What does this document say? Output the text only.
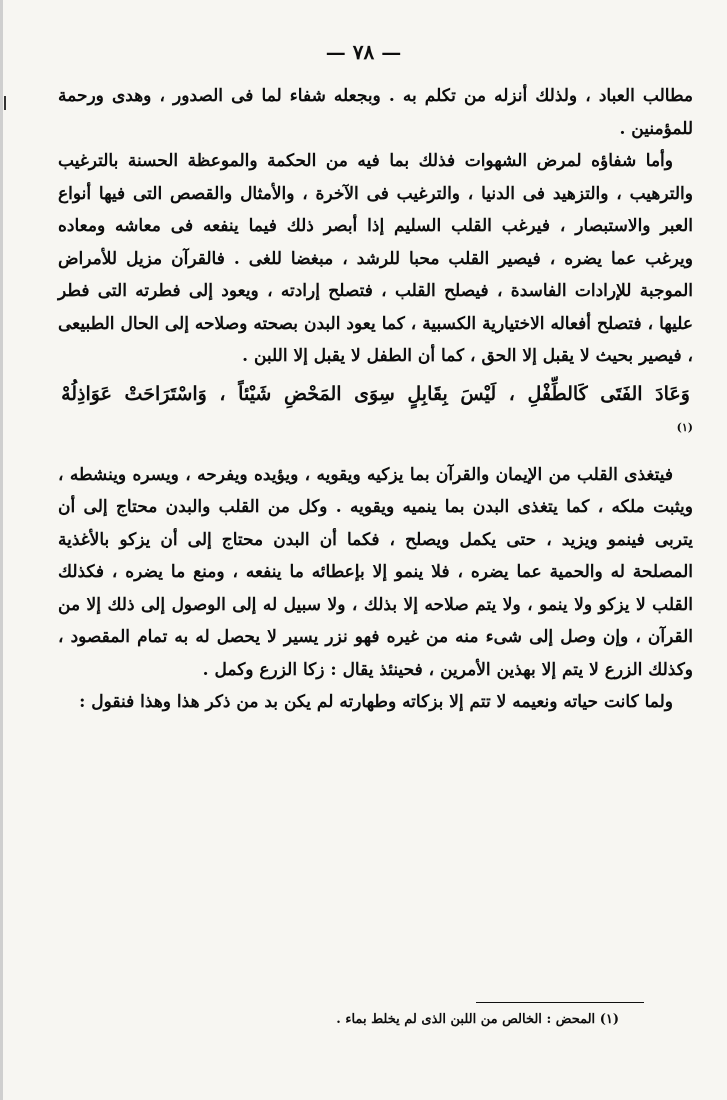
— ٧٨ —

مطالب العباد ، ولذلك أنزله من تكلم به . وبجعله شفاء لما فى الصدور ، وهدى ورحمة للمؤمنين .

وأما شفاؤه لمرض الشهوات فذلك بما فيه من الحكمة والموعظة الحسنة بالترغيب والترهيب ، والتزهيد فى الدنيا ، والترغيب فى الآخرة ، والأمثال والقصص التى فيها أنواع العبر والاستبصار ، فيرغب القلب السليم إذا أبصر ذلك فيما ينفعه فى معاشه ومعاده ويرغب عما يضره ، فيصير القلب محبا للرشد ، مبغضا للغى . فالقرآن مزيل للأمراض الموجبة للإرادات الفاسدة ، فيصلح القلب ، فتصلح إرادته ، ويعود إلى فطرته التى فطر عليها ، فتصلح أفعاله الاختيارية الكسبية ، كما يعود البدن بصحته وصلاحه إلى الحال الطبيعى ، فيصير بحيث لا يقبل إلا الحق ، كما أن الطفل لا يقبل إلا اللبن .

وَعَادَ الفَتَى كَالطِّفْلِ ، لَيْسَ بِقَابِلٍ سِوَى المَحْضِ شَيْئاً ، وَاسْتَرَاحَتْ عَوَاذِلُهْ $^{(١)}$

فيتغذى القلب من الإيمان والقرآن بما يزكيه ويقويه ، ويؤيده ويفرحه ، ويسره وينشطه ، ويثبت ملكه ، كما يتغذى البدن بما ينميه ويقويه . وكل من القلب والبدن محتاج إلى أن يتربى فينمو ويزيد ، حتى يكمل ويصلح ، فكما أن البدن محتاج إلى أن يزكو بالأغذية المصلحة له والحمية عما يضره ، فلا ينمو إلا بإعطائه ما ينفعه ، ومنع ما يضره ، فكذلك القلب لا يزكو ولا ينمو ، ولا يتم صلاحه إلا بذلك ، ولا سبيل له إلى الوصول إلى ذلك إلا من القرآن ، وإن وصل إلى شىء منه من غيره فهو نزر يسير لا يحصل له به تمام المقصود ، وكذلك الزرع لا يتم إلا بهذين الأمرين ، فحينئذ يقال : زكا الزرع وكمل .

ولما كانت حياته ونعيمه لا تتم إلا بزكاته وطهارته لم يكن بد من ذكر هذا وهذا فنقول :

(١) المحض : الخالص من اللبن الذى لم يخلط بماء .
